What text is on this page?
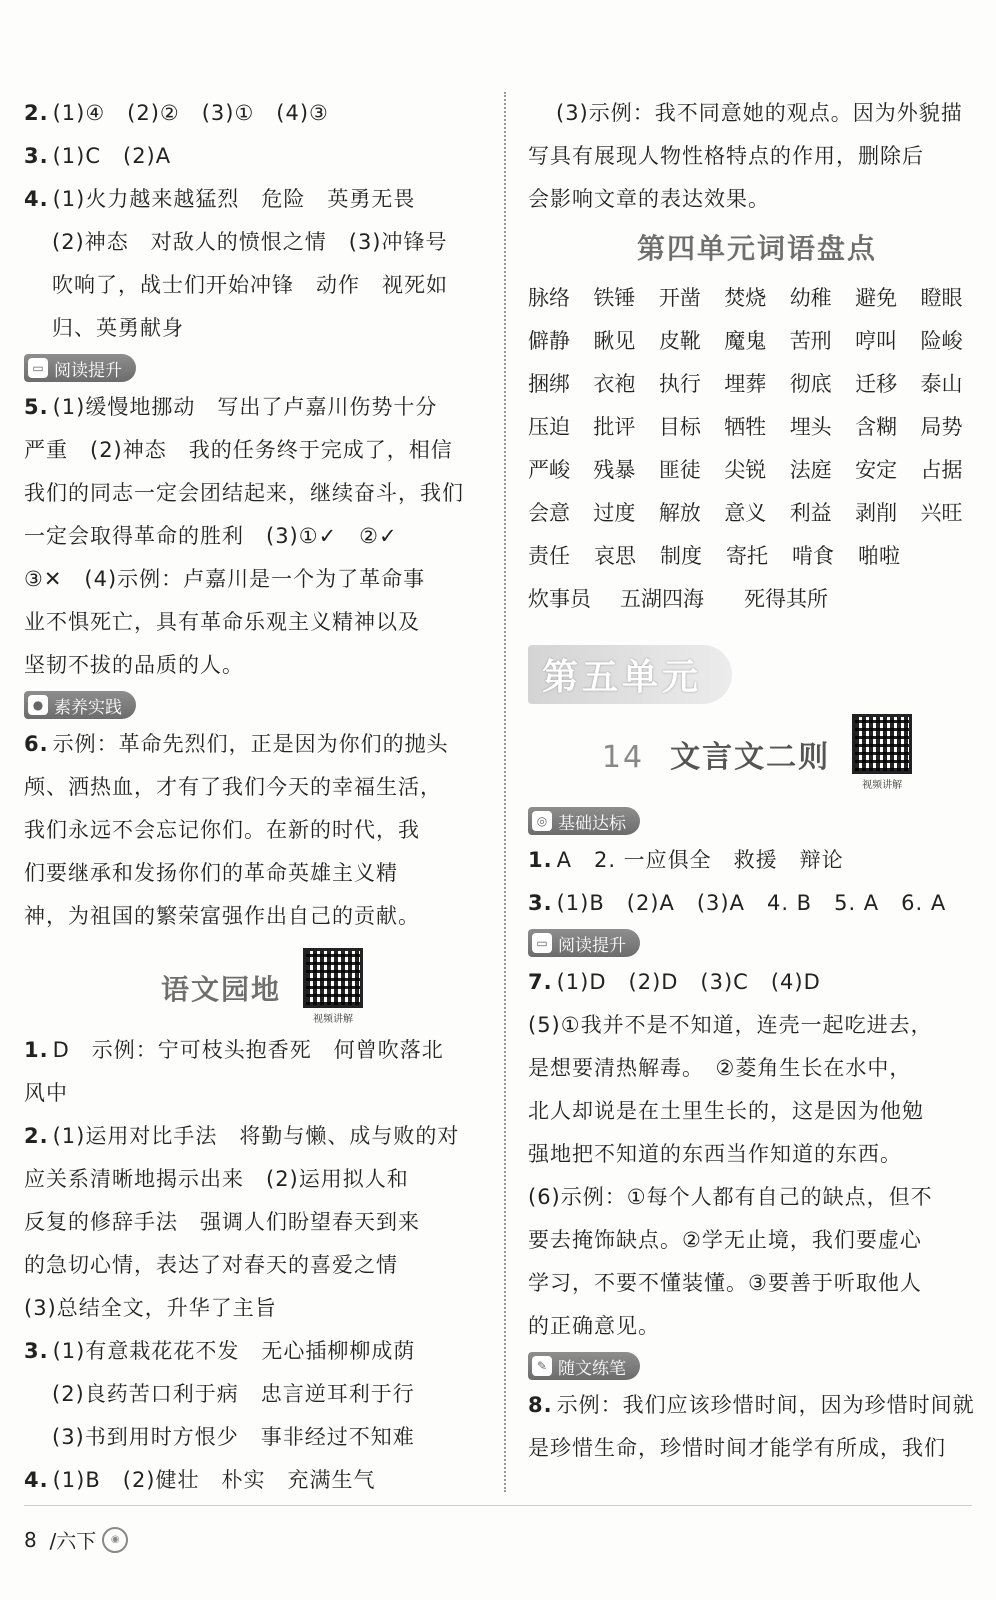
2. (1)④　(2)②　(3)①　(4)③
3. (1)C　(2)A
4. (1)火力越来越猛烈　危险　英勇无畏
(2)神态　对敌人的愤恨之情　(3)冲锋号
吹响了，战士们开始冲锋　动作　视死如
归、英勇献身
▭ 阅读提升
5. (1)缓慢地挪动　写出了卢嘉川伤势十分
严重　(2)神态　我的任务终于完成了，相信
我们的同志一定会团结起来，继续奋斗，我们
一定会取得革命的胜利　(3)①✓　②✓
③✕　(4)示例：卢嘉川是一个为了革命事
业不惧死亡，具有革命乐观主义精神以及
坚韧不拔的品质的人。
● 素养实践
6. 示例：革命先烈们，正是因为你们的抛头
颅、洒热血，才有了我们今天的幸福生活，
我们永远不会忘记你们。在新的时代，我
们要继承和发扬你们的革命英雄主义精
神，为祖国的繁荣富强作出自己的贡献。
语文园地
视频讲解
1. D　示例：宁可枝头抱香死　何曾吹落北
风中
2. (1)运用对比手法　将勤与懒、成与败的对
应关系清晰地揭示出来　(2)运用拟人和
反复的修辞手法　强调人们盼望春天到来
的急切心情，表达了对春天的喜爱之情
(3)总结全文，升华了主旨
3. (1)有意栽花花不发　无心插柳柳成荫
(2)良药苦口利于病　忠言逆耳利于行
(3)书到用时方恨少　事非经过不知难
4. (1)B　(2)健壮　朴实　充满生气
(3)示例：我不同意她的观点。因为外貌描
写具有展现人物性格特点的作用，删除后
会影响文章的表达效果。
第四单元词语盘点
脉络	铁锤	开凿	焚烧	幼稚	避免	瞪眼
僻静	瞅见	皮靴	魔鬼	苦刑	哼叫	险峻
捆绑	衣袍	执行	埋葬	彻底	迁移	泰山
压迫	批评	目标	牺牲	埋头	含糊	局势
严峻	残暴	匪徒	尖锐	法庭	安定	占据
会意	过度	解放	意义	利益	剥削	兴旺
责任	哀思	制度	寄托	啃食	啪啦
炊事员	五湖四海	死得其所
第五单元
14 文言文二则
视频讲解
◎ 基础达标
1. A　2. 一应俱全　救援　辩论
3. (1)B　(2)A　(3)A　4. B　5. A　6. A
▭ 阅读提升
7. (1)D　(2)D　(3)C　(4)D
(5)①我并不是不知道，连壳一起吃进去，
是想要清热解毒。　②菱角生长在水中，
北人却说是在土里生长的，这是因为他勉
强地把不知道的东西当作知道的东西。
(6)示例：①每个人都有自己的缺点，但不
要去掩饰缺点。②学无止境，我们要虚心
学习，不要不懂装懂。③要善于听取他人
的正确意见。
✎ 随文练笔
8. 示例：我们应该珍惜时间，因为珍惜时间就
是珍惜生命，珍惜时间才能学有所成，我们
8
/六下	◉
